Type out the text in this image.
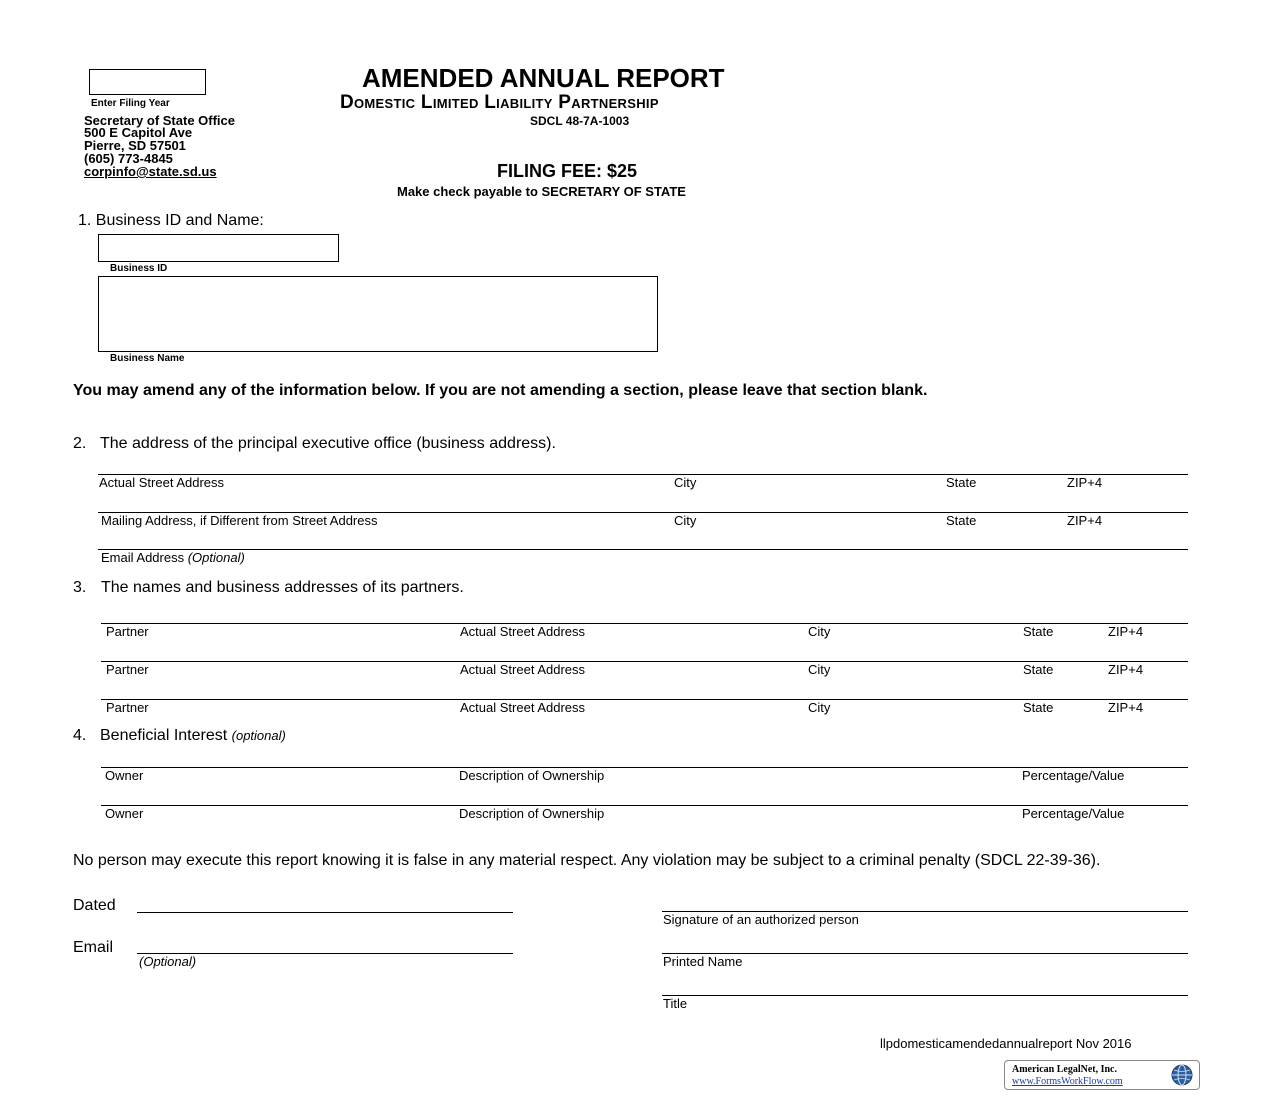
Enter Filing Year
Secretary of State Office
500 E Capitol Ave
Pierre, SD 57501
(605) 773-4845
corpinfo@state.sd.us
AMENDED ANNUAL REPORT
Domestic Limited Liability Partnership
SDCL 48-7A-1003
FILING FEE: $25
Make check payable to SECRETARY OF STATE
1. Business ID and Name:
Business ID
Business Name
You may amend any of the information below. If you are not amending a section, please leave that section blank.
2. The address of the principal executive office (business address).
Actual Street Address	City	State	ZIP+4
Mailing Address, if Different from Street Address	City	State	ZIP+4
Email Address (Optional)
3. The names and business addresses of its partners.
Partner	Actual Street Address	City	State	ZIP+4
Partner	Actual Street Address	City	State	ZIP+4
Partner	Actual Street Address	City	State	ZIP+4
4. Beneficial Interest (optional)
Owner	Description of Ownership	Percentage/Value
Owner	Description of Ownership	Percentage/Value
No person may execute this report knowing it is false in any material respect. Any violation may be subject to a criminal penalty (SDCL 22-39-36).
Dated
Email
(Optional)
Signature of an authorized person
Printed Name
Title
llpdomesticamendedannualreport Nov 2016
American LegalNet, Inc.
www.FormsWorkFlow.com
